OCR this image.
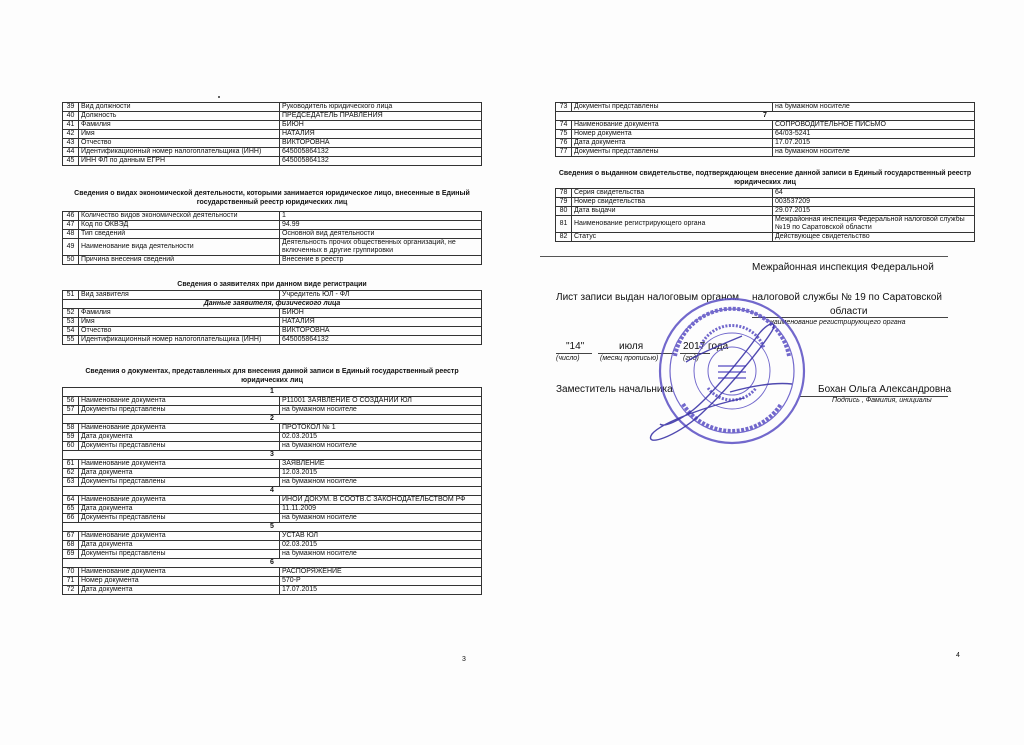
39	Вид должности	Руководитель юридического лица
40	Должность	ПРЕДСЕДАТЕЛЬ ПРАВЛЕНИЯ
41	Фамилия	БИЮН
42	Имя	НАТАЛИЯ
43	Отчество	ВИКТОРОВНА
44	Идентификационный номер налогоплательщика (ИНН)	645005864132
45	ИНН ФЛ по данным ЕГРН	645005864132
Сведения о видах экономической деятельности, которыми занимается юридическое лицо, внесенные в Единый государственный реестр юридических лиц
46	Количество видов экономической деятельности	1
47	Код по ОКВЭД	94.99
48	Тип сведений	Основной вид деятельности
49	Наименование вида деятельности	Деятельность прочих общественных организаций, не включенных в другие группировки
50	Причина внесения сведений	Внесение в реестр
Сведения о заявителях при данном виде регистрации
51	Вид заявителя	Учредитель ЮЛ - ФЛ
Данные заявителя, физического лица		
52	Фамилия	БИЮН
53	Имя	НАТАЛИЯ
54	Отчество	ВИКТОРОВНА
55	Идентификационный номер налогоплательщика (ИНН)	645005864132
Сведения о документах, представленных для внесения данной записи в Единый государственный реестр юридических лиц
1		
56	Наименование документа	Р11001 ЗАЯВЛЕНИЕ О СОЗДАНИИ ЮЛ
57	Документы представлены	на бумажном носителе
2		
58	Наименование документа	ПРОТОКОЛ № 1
59	Дата документа	02.03.2015
60	Документы представлены	на бумажном носителе
3		
61	Наименование документа	ЗАЯВЛЕНИЕ
62	Дата документа	12.03.2015
63	Документы представлены	на бумажном носителе
4		
64	Наименование документа	ИНОЙ ДОКУМ. В СООТВ.С ЗАКОНОДАТЕЛЬСТВОМ РФ
65	Дата документа	11.11.2009
66	Документы представлены	на бумажном носителе
5		
67	Наименование документа	УСТАВ ЮЛ
68	Дата документа	02.03.2015
69	Документы представлены	на бумажном носителе
6		
70	Наименование документа	РАСПОРЯЖЕНИЕ
71	Номер документа	570-Р
72	Дата документа	17.07.2015
3
73	Документы представлены	на бумажном носителе
7		
74	Наименование документа	СОПРОВОДИТЕЛЬНОЕ ПИСЬМО
75	Номер документа	64/03-5241
76	Дата документа	17.07.2015
77	Документы представлены	на бумажном носителе
Сведения о выданном свидетельстве, подтверждающем внесение данной записи в Единый государственный реестр юридических лиц
78	Серия свидетельства	64
79	Номер свидетельства	003537209
80	Дата выдачи	29.07.2015
81	Наименование регистрирующего органа	Межрайонная инспекция Федеральной налоговой службы №19 по Саратовской области
82	Статус	Действующее свидетельство
4
Межрайонная инспекция Федеральной
Лист записи выдан налоговым органом налоговой службы № 19 по Саратовской
области
наименование регистрирующего органа
"14"	июля	2017 года
(число)	(месяц прописью)	(год)
Заместитель начальника	Бохан Ольга Александровна
Подпись , Фамилия, инициалы
